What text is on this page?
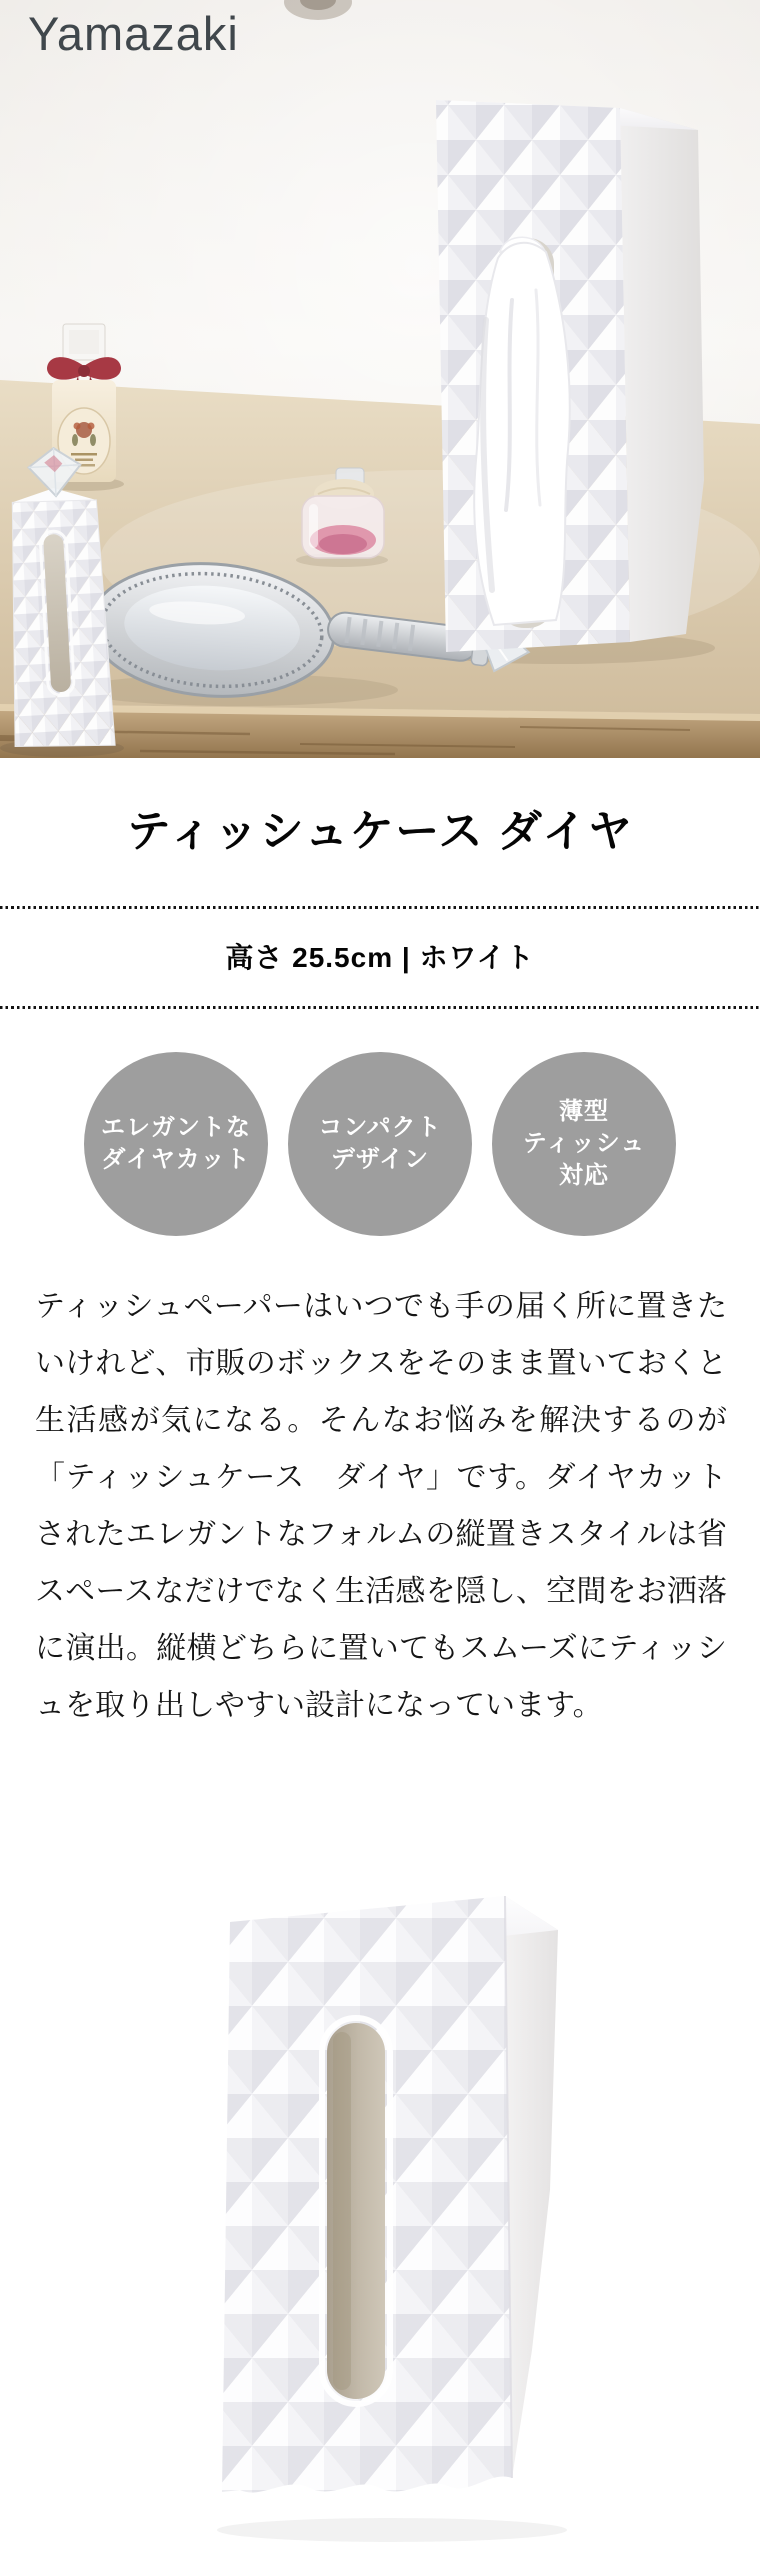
Yamazaki
ティッシュケース ダイヤ
高さ 25.5cm | ホワイト
エレガントな
ダイヤカット
コンパクト
デザイン
薄型
ティッシュ
対応

ティッシュペーパーはいつでも手の届く所に置きたいけれど、市販のボックスをそのまま置いておくと生活感が気になる。そんなお悩みを解決するのが「ティッシュケース　ダイヤ」です。ダイヤカットされたエレガントなフォルムの縦置きスタイルは省スペースなだけでなく生活感を隠し、空間をお洒落に演出。縦横どちらに置いてもスムーズにティッシュを取り出しやすい設計になっています。
